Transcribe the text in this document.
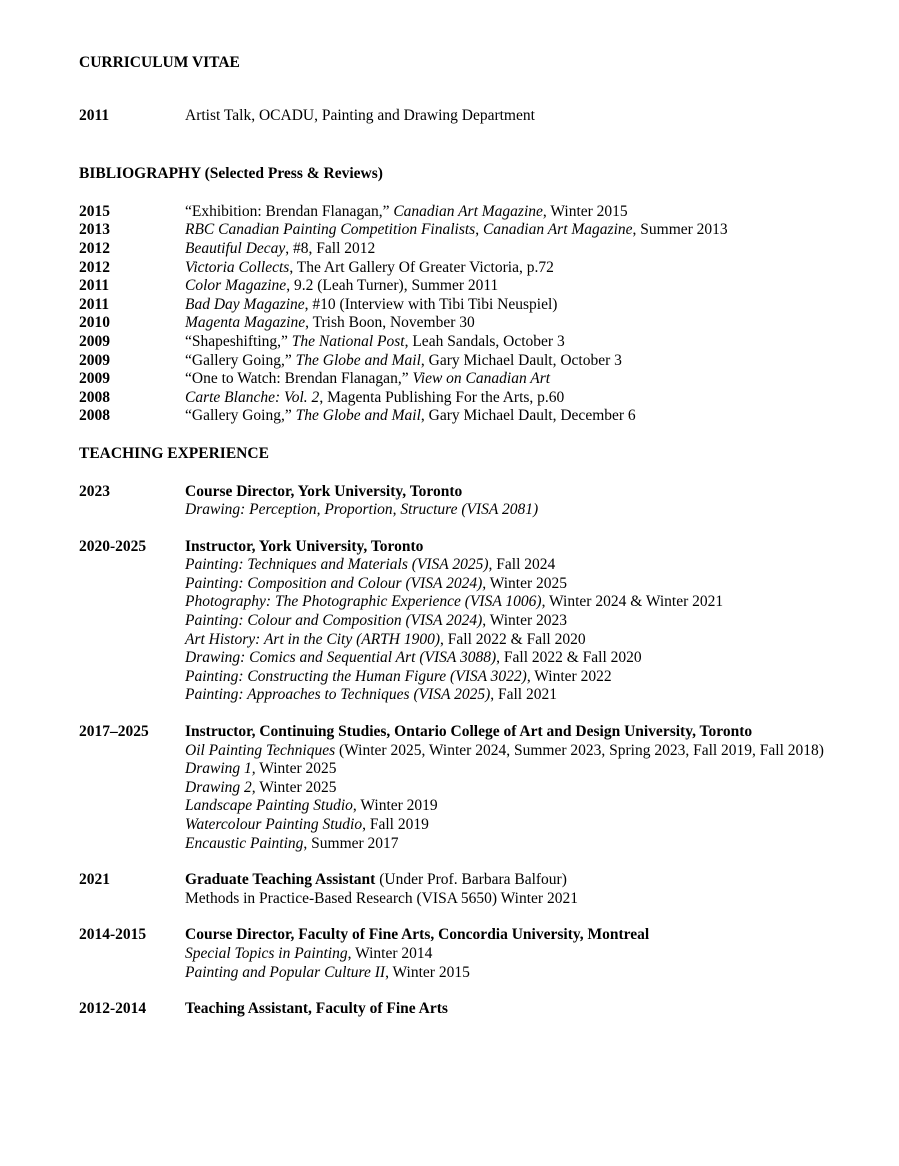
CURRICULUM VITAE
2011	Artist Talk, OCADU, Painting and Drawing Department
BIBLIOGRAPHY (Selected Press & Reviews)
2015	“Exhibition: Brendan Flanagan,” Canadian Art Magazine, Winter 2015
2013	RBC Canadian Painting Competition Finalists, Canadian Art Magazine, Summer 2013
2012	Beautiful Decay, #8, Fall 2012
2012	Victoria Collects, The Art Gallery Of Greater Victoria, p.72
2011	Color Magazine, 9.2 (Leah Turner), Summer 2011
2011	Bad Day Magazine, #10 (Interview with Tibi Tibi Neuspiel)
2010	Magenta Magazine, Trish Boon, November 30
2009	“Shapeshifting,” The National Post, Leah Sandals, October 3
2009	“Gallery Going,” The Globe and Mail, Gary Michael Dault, October 3
2009	“One to Watch: Brendan Flanagan,” View on Canadian Art
2008	Carte Blanche: Vol. 2, Magenta Publishing For the Arts, p.60
2008	“Gallery Going,” The Globe and Mail, Gary Michael Dault, December 6
TEACHING EXPERIENCE
2023	Course Director, York University, Toronto
Drawing: Perception, Proportion, Structure (VISA 2081)
2020-2025	Instructor, York University, Toronto
Painting: Techniques and Materials (VISA 2025), Fall 2024
Painting: Composition and Colour (VISA 2024), Winter 2025
Photography: The Photographic Experience (VISA 1006), Winter 2024 & Winter 2021
Painting: Colour and Composition (VISA 2024), Winter 2023
Art History: Art in the City (ARTH 1900), Fall 2022 & Fall 2020
Drawing: Comics and Sequential Art (VISA 3088), Fall 2022 & Fall 2020
Painting: Constructing the Human Figure (VISA 3022), Winter 2022
Painting: Approaches to Techniques (VISA 2025), Fall 2021
2017–2025	Instructor, Continuing Studies, Ontario College of Art and Design University, Toronto
Oil Painting Techniques (Winter 2025, Winter 2024, Summer 2023, Spring 2023, Fall 2019, Fall 2018)
Drawing 1, Winter 2025
Drawing 2, Winter 2025
Landscape Painting Studio, Winter 2019
Watercolour Painting Studio, Fall 2019
Encaustic Painting, Summer 2017
2021	Graduate Teaching Assistant (Under Prof. Barbara Balfour)
Methods in Practice-Based Research (VISA 5650) Winter 2021
2014-2015	Course Director, Faculty of Fine Arts, Concordia University, Montreal
Special Topics in Painting, Winter 2014
Painting and Popular Culture II, Winter 2015
2012-2014	Teaching Assistant, Faculty of Fine Arts
